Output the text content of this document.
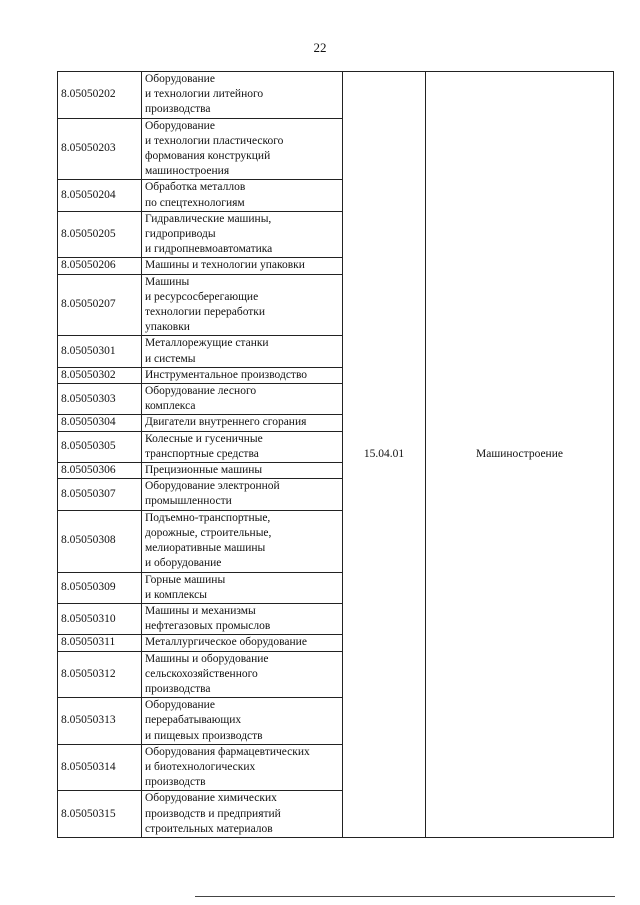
22
8.05050202	Оборудование
и технологии литейного
производства	15.04.01	Машиностроение
8.05050203	Оборудование
и технологии пластического
формования конструкций
машиностроения		
8.05050204	Обработка металлов
по спецтехнологиям		
8.05050205	Гидравлические машины,
гидроприводы
и гидропневмоавтоматика		
8.05050206	Машины и технологии упаковки		
8.05050207	Машины
и ресурсосберегающие
технологии переработки
упаковки		
8.05050301	Металлорежущие станки
и системы		
8.05050302	Инструментальное производство		
8.05050303	Оборудование лесного
комплекса		
8.05050304	Двигатели внутреннего сгорания		
8.05050305	Колесные и гусеничные
транспортные средства		
8.05050306	Прецизионные машины		
8.05050307	Оборудование электронной
промышленности		
8.05050308	Подъемно-транспортные,
дорожные, строительные,
мелиоративные машины
и оборудование		
8.05050309	Горные машины
и комплексы		
8.05050310	Машины и механизмы
нефтегазовых промыслов		
8.05050311	Металлургическое оборудование		
8.05050312	Машины и оборудование
сельскохозяйственного
производства		
8.05050313	Оборудование
перерабатывающих
и пищевых производств		
8.05050314	Оборудования фармацевтических
и биотехнологических
производств		
8.05050315	Оборудование химических
производств и предприятий
строительных материалов		
